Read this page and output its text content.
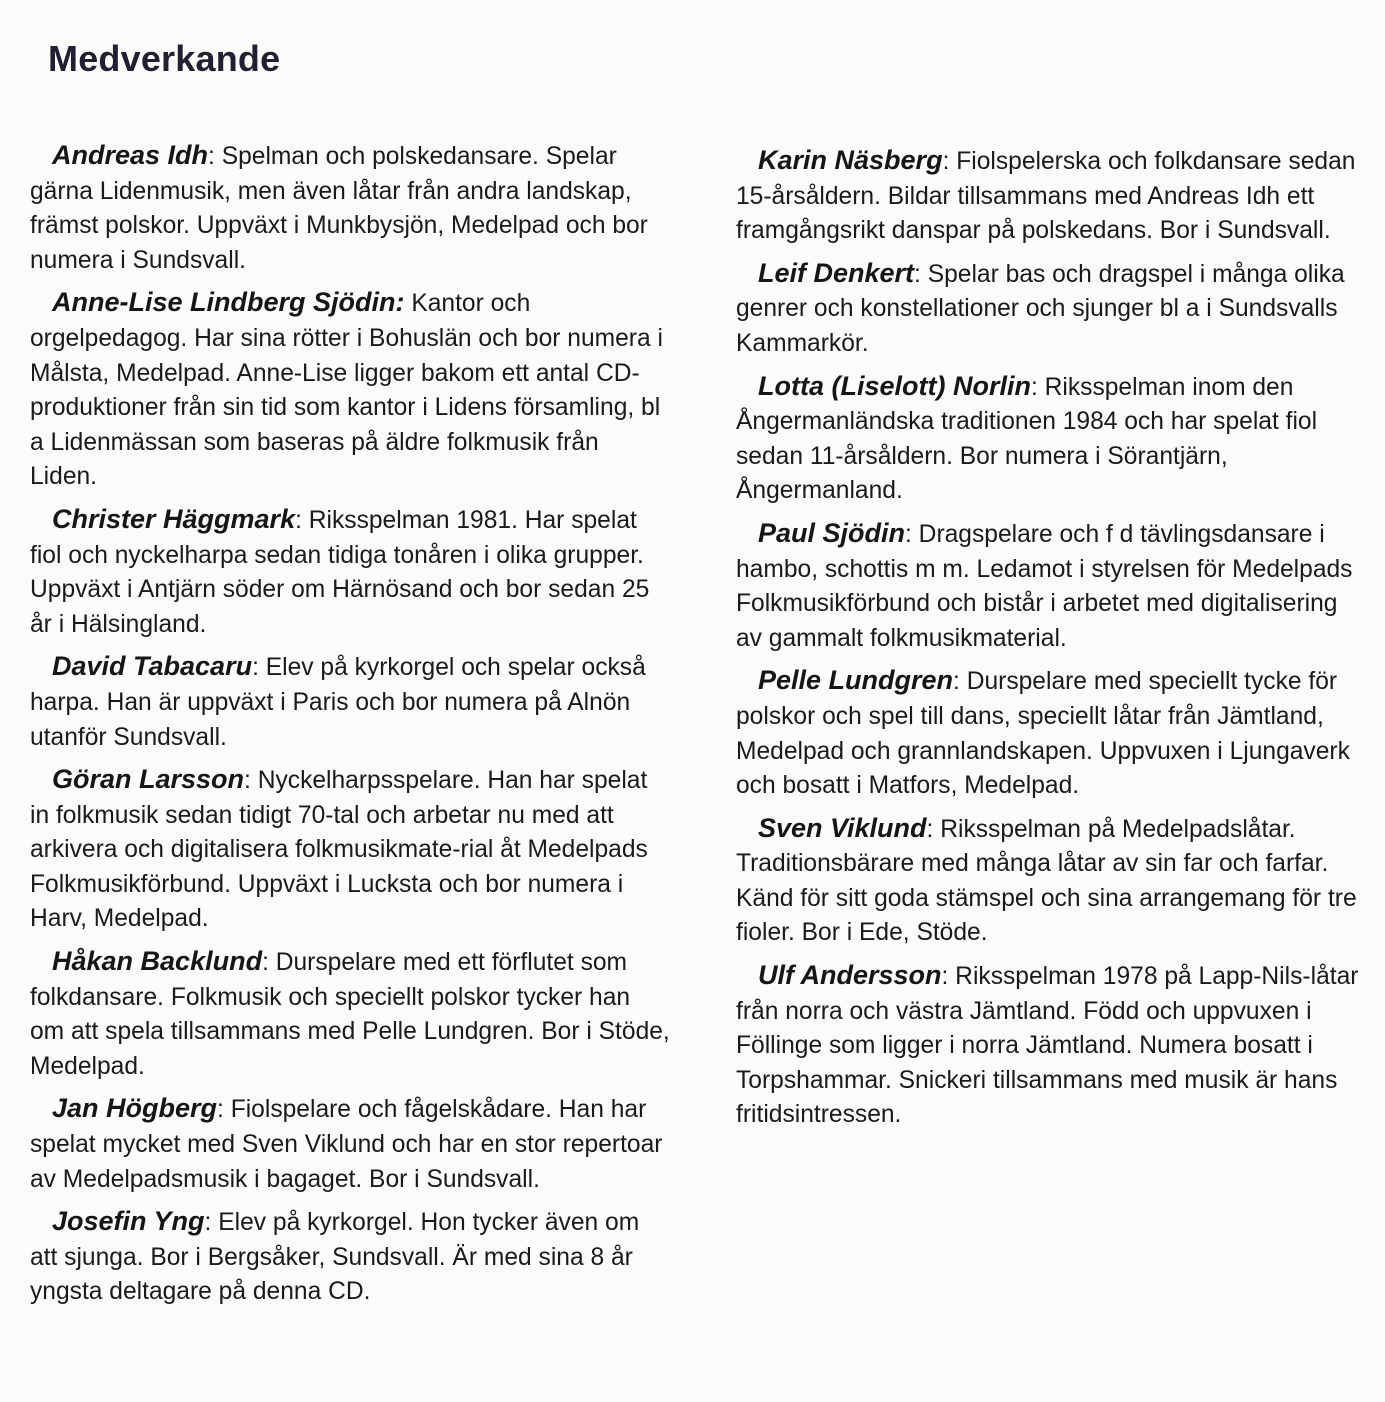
Medverkande

Andreas Idh: Spelman och polskedansare. Spelar gärna Lidenmusik, men även låtar från andra landskap, främst polskor. Uppväxt i Munkbysjön, Medelpad och bor numera i Sundsvall.

Anne-Lise Lindberg Sjödin: Kantor och orgelpedagog. Har sina rötter i Bohuslän och bor numera i Målsta, Medelpad. Anne-Lise ligger bakom ett antal CD-produktioner från sin tid som kantor i Lidens församling, bl a Lidenmässan som baseras på äldre folkmusik från Liden.

Christer Häggmark: Riksspelman 1981. Har spelat fiol och nyckelharpa sedan tidiga tonåren i olika grupper. Uppväxt i Antjärn söder om Härnösand och bor sedan 25 år i Hälsingland.

David Tabacaru: Elev på kyrkorgel och spelar också harpa. Han är uppväxt i Paris och bor numera på Alnön utanför Sundsvall.

Göran Larsson: Nyckelharpsspelare. Han har spelat in folkmusik sedan tidigt 70-tal och arbetar nu med att arkivera och digitalisera folkmusikmate-rial åt Medelpads Folkmusikförbund. Uppväxt i Lucksta och bor numera i Harv, Medelpad.

Håkan Backlund: Durspelare med ett förflutet som folkdansare. Folkmusik och speciellt polskor tycker han om att spela tillsammans med Pelle Lundgren. Bor i Stöde, Medelpad.

Jan Högberg: Fiolspelare och fågelskådare. Han har spelat mycket med Sven Viklund och har en stor repertoar av Medelpadsmusik i bagaget. Bor i Sundsvall.

Josefin Yng: Elev på kyrkorgel. Hon tycker även om att sjunga. Bor i Bergsåker, Sundsvall. Är med sina 8 år yngsta deltagare på denna CD.

Karin Näsberg: Fiolspelerska och folkdansare sedan 15-årsåldern. Bildar tillsammans med Andreas Idh ett framgångsrikt danspar på polskedans. Bor i Sundsvall.

Leif Denkert: Spelar bas och dragspel i många olika genrer och konstellationer och sjunger bl a i Sundsvalls Kammarkör.

Lotta (Liselott) Norlin: Riksspelman inom den Ångermanländska traditionen 1984 och har spelat fiol sedan 11-årsåldern. Bor numera i Sörantjärn, Ångermanland.

Paul Sjödin: Dragspelare och f d tävlingsdansare i hambo, schottis m m. Ledamot i styrelsen för Medelpads Folkmusikförbund och bistår i arbetet med digitalisering av gammalt folkmusikmaterial.

Pelle Lundgren: Durspelare med speciellt tycke för polskor och spel till dans, speciellt låtar från Jämtland, Medelpad och grannlandskapen. Uppvuxen i Ljungaverk och bosatt i Matfors, Medelpad.

Sven Viklund: Riksspelman på Medelpadslåtar. Traditionsbärare med många låtar av sin far och farfar. Känd för sitt goda stämspel och sina arrangemang för tre fioler. Bor i Ede, Stöde.

Ulf Andersson: Riksspelman 1978 på Lapp-Nils-låtar från norra och västra Jämtland. Född och uppvuxen i Föllinge som ligger i norra Jämtland. Numera bosatt i Torpshammar. Snickeri tillsammans med musik är hans fritidsintressen.
